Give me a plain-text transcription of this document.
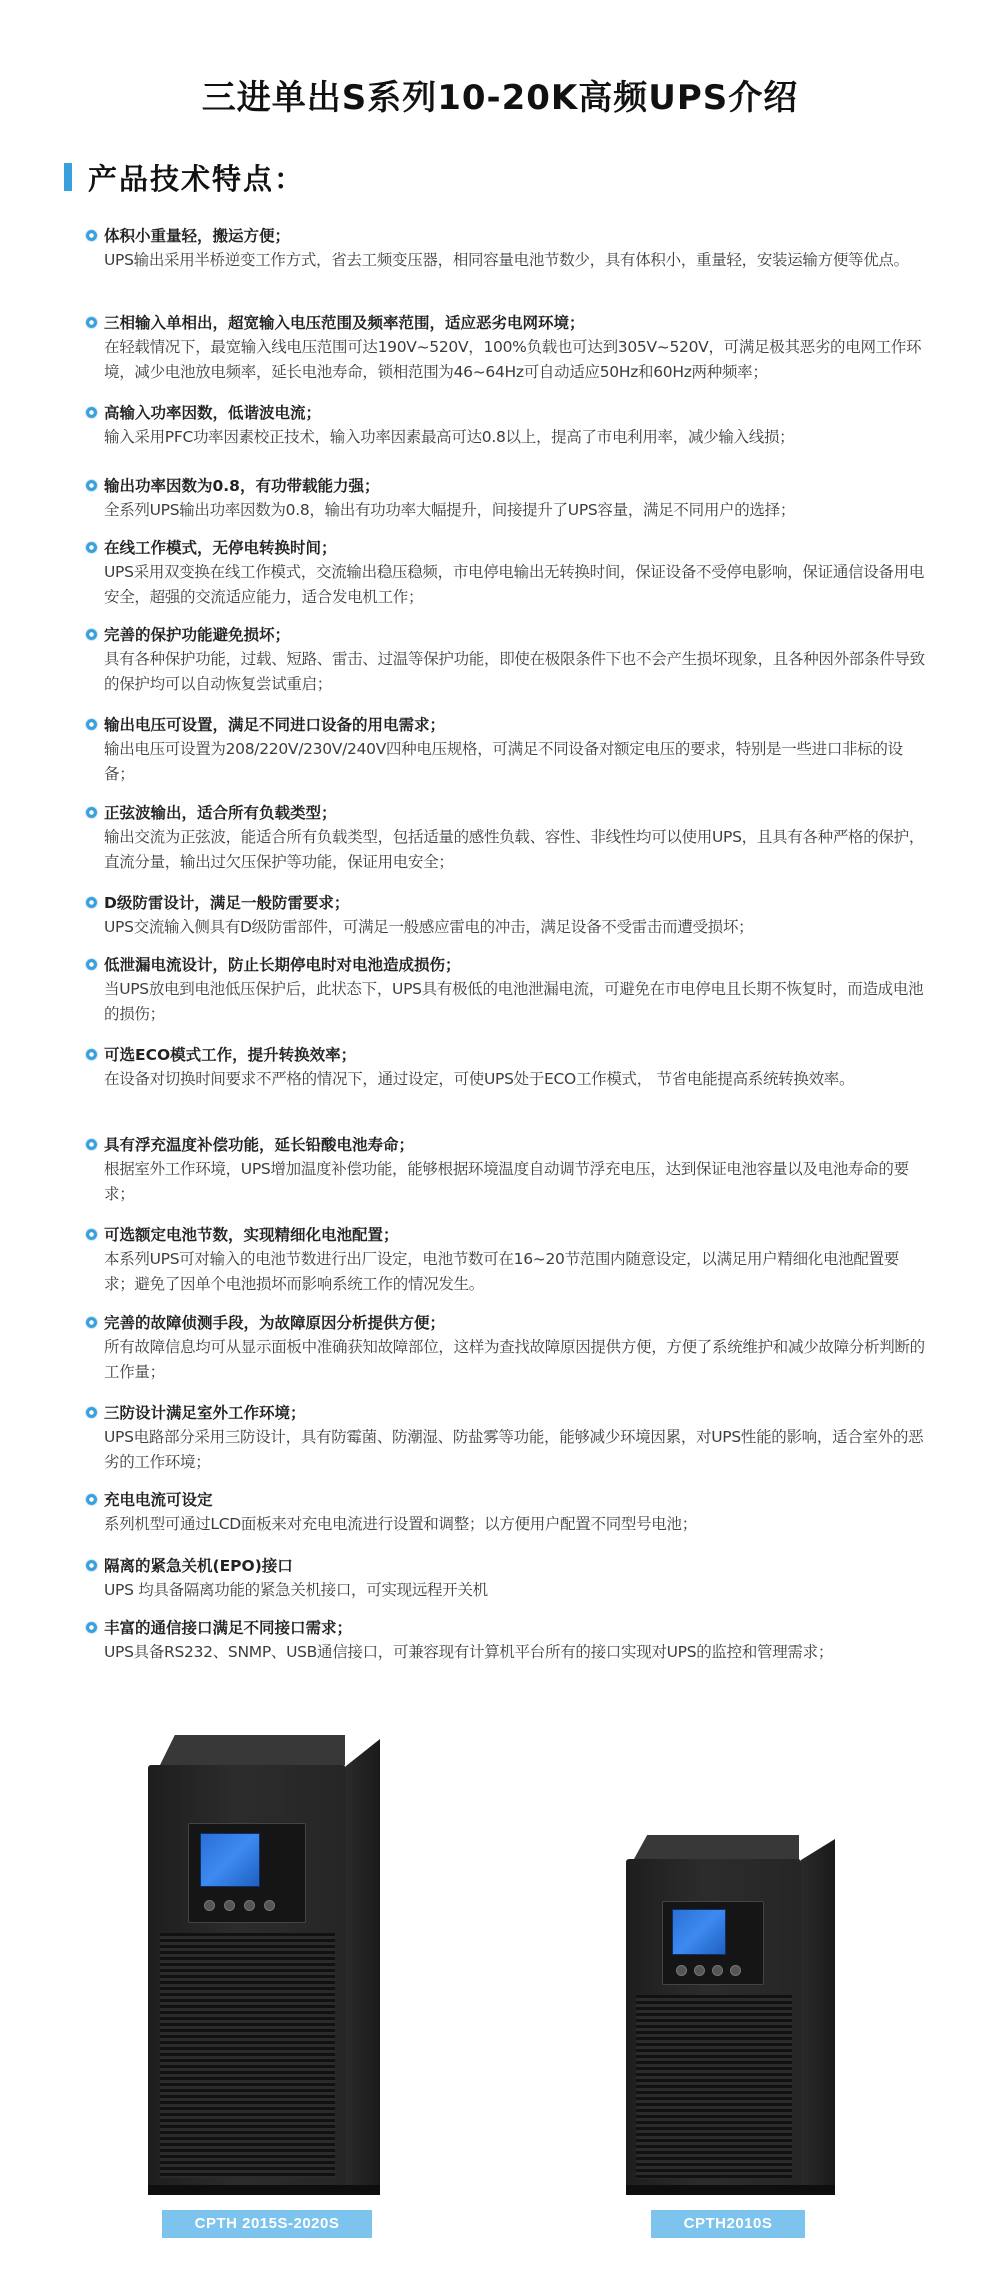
三进单出S系列10-20K高频UPS介绍
产品技术特点：
体积小重量轻，搬运方便；
UPS输出采用半桥逆变工作方式，省去工频变压器，相同容量电池节数少，具有体积小，重量轻，安装运输方便等优点。
三相输入单相出，超宽输入电压范围及频率范围，适应恶劣电网环境；
在轻载情况下，最宽输入线电压范围可达190V~520V，100%负载也可达到305V~520V，可满足极其恶劣的电网工作环境，减少电池放电频率，延长电池寿命，锁相范围为46~64Hz可自动适应50Hz和60Hz两种频率；
高输入功率因数，低谐波电流；
输入采用PFC功率因素校正技术，输入功率因素最高可达0.8以上，提高了市电利用率，减少输入线损；
输出功率因数为0.8，有功带载能力强；
全系列UPS输出功率因数为0.8，输出有功功率大幅提升，间接提升了UPS容量，满足不同用户的选择；
在线工作模式，无停电转换时间；
UPS采用双变换在线工作模式，交流输出稳压稳频，市电停电输出无转换时间，保证设备不受停电影响，保证通信设备用电安全，超强的交流适应能力，适合发电机工作；
完善的保护功能避免损坏；
具有各种保护功能，过载、短路、雷击、过温等保护功能，即使在极限条件下也不会产生损坏现象，且各种因外部条件导致的保护均可以自动恢复尝试重启；
输出电压可设置，满足不同进口设备的用电需求；
输出电压可设置为208/220V/230V/240V四种电压规格，可满足不同设备对额定电压的要求，特别是一些进口非标的设备；
正弦波输出，适合所有负载类型；
输出交流为正弦波，能适合所有负载类型，包括适量的感性负载、容性、非线性均可以使用UPS，且具有各种严格的保护，直流分量，输出过欠压保护等功能，保证用电安全；
D级防雷设计，满足一般防雷要求；
UPS交流输入侧具有D级防雷部件，可满足一般感应雷电的冲击，满足设备不受雷击而遭受损坏；
低泄漏电流设计，防止长期停电时对电池造成损伤；
当UPS放电到电池低压保护后，此状态下，UPS具有极低的电池泄漏电流，可避免在市电停电且长期不恢复时，而造成电池的损伤；
可选ECO模式工作，提升转换效率；
在设备对切换时间要求不严格的情况下，通过设定，可使UPS处于ECO工作模式， 节省电能提高系统转换效率。
具有浮充温度补偿功能，延长铅酸电池寿命；
根据室外工作环境，UPS增加温度补偿功能，能够根据环境温度自动调节浮充电压，达到保证电池容量以及电池寿命的要求；
可选额定电池节数，实现精细化电池配置；
本系列UPS可对输入的电池节数进行出厂设定，电池节数可在16~20节范围内随意设定，以满足用户精细化电池配置要求；避免了因单个电池损坏而影响系统工作的情况发生。
完善的故障侦测手段，为故障原因分析提供方便；
所有故障信息均可从显示面板中准确获知故障部位，这样为查找故障原因提供方便，方便了系统维护和减少故障分析判断的工作量；
三防设计满足室外工作环境；
UPS电路部分采用三防设计，具有防霉菌、防潮湿、防盐雾等功能，能够减少环境因累，对UPS性能的影响，适合室外的恶劣的工作环境；
充电电流可设定
系列机型可通过LCD面板来对充电电流进行设置和调整；以方便用户配置不同型号电池；
隔离的紧急关机(EPO)接口
UPS 均具备隔离功能的紧急关机接口，可实现远程开关机
丰富的通信接口满足不同接口需求；
UPS具备RS232、SNMP、USB通信接口，可兼容现有计算机平台所有的接口实现对UPS的监控和管理需求；
CPTH 2015S-2020S	CPTH2010S
